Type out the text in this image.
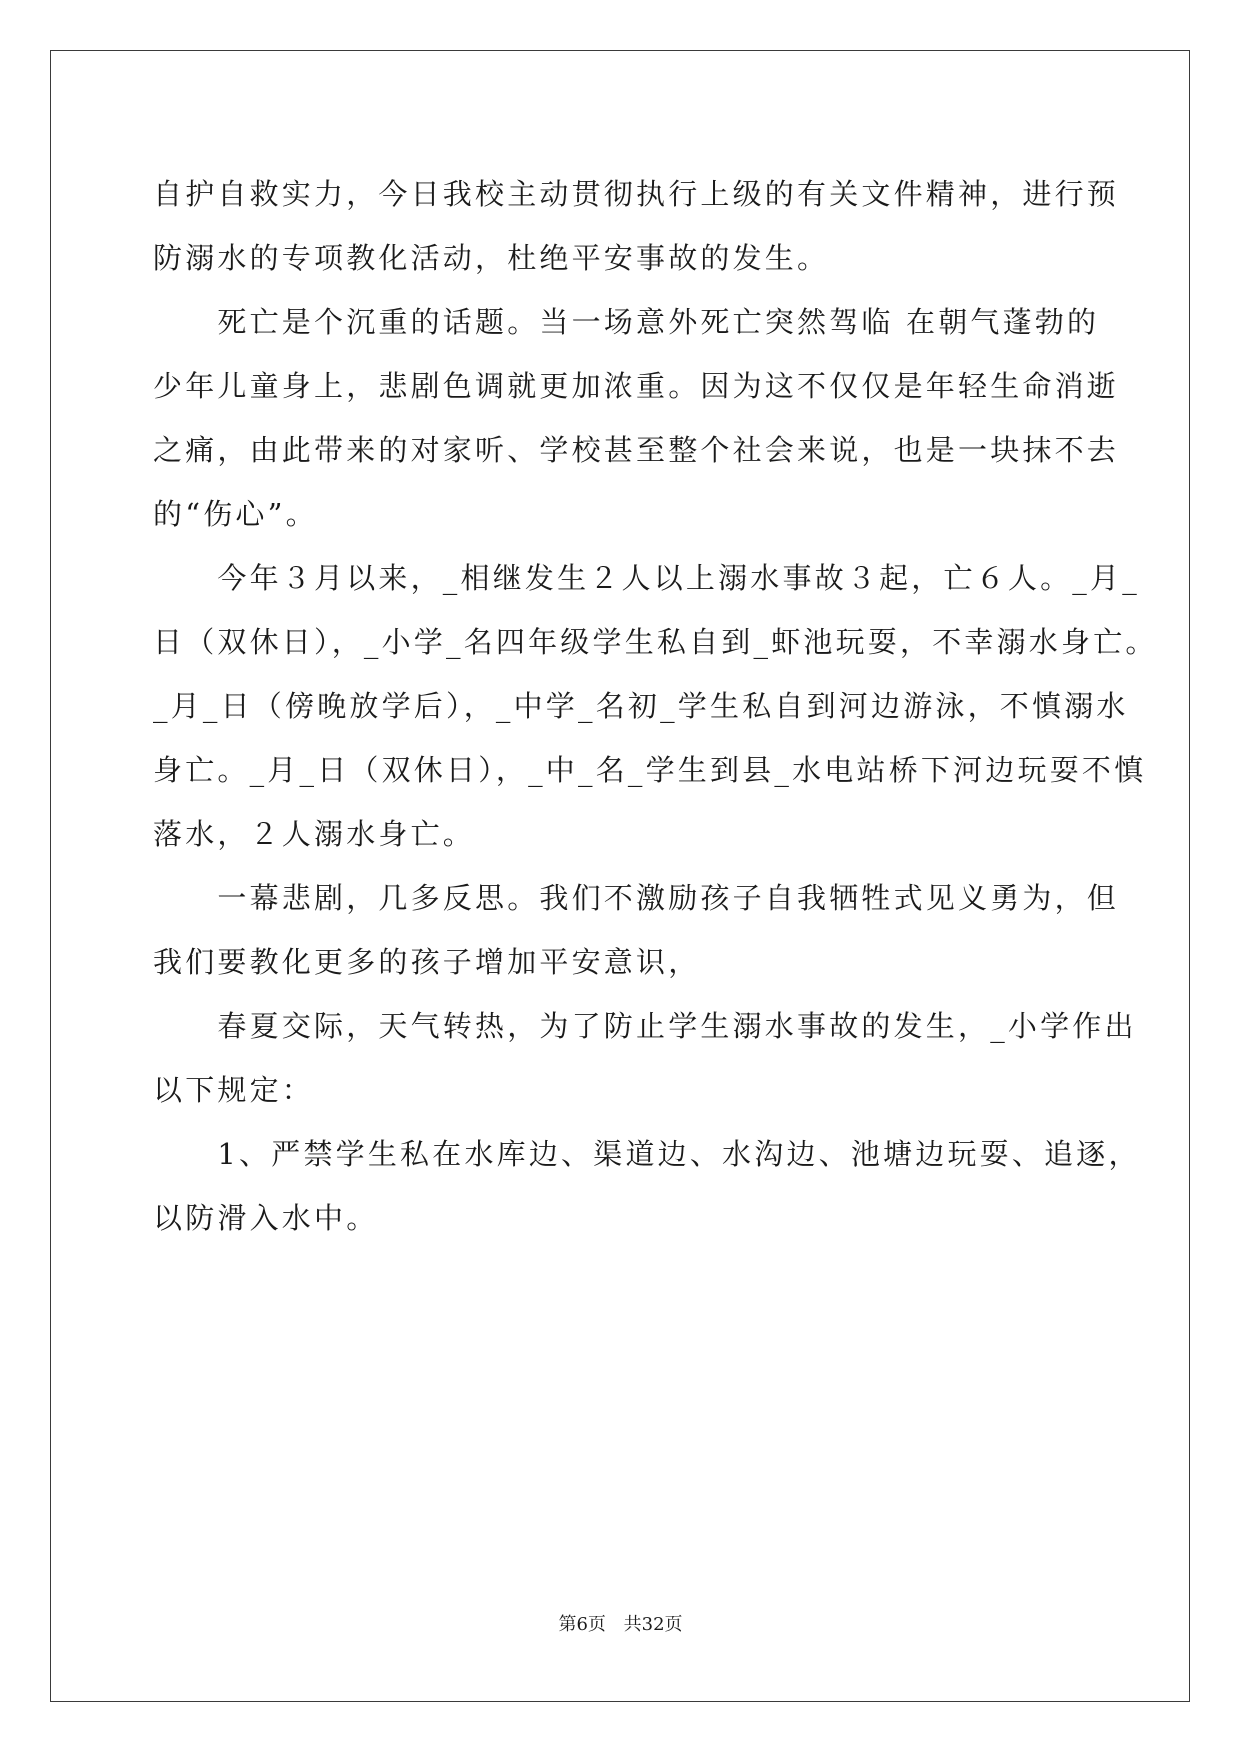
自护自救实力，今日我校主动贯彻执行上级的有关文件精神，进行预
防溺水的专项教化活动，杜绝平安事故的发生。
　　死亡是个沉重的话题。当一场意外死亡突然驾临 在朝气蓬勃的
少年儿童身上，悲剧色调就更加浓重。因为这不仅仅是年轻生命消逝
之痛，由此带来的对家听、学校甚至整个社会来说，也是一块抹不去
的“伤心”。
　　今年３月以来，_相继发生２人以上溺水事故３起，亡６人。_月_
日（双休日），_小学_名四年级学生私自到_虾池玩耍，不幸溺水身亡。
_月_日（傍晚放学后），_中学_名初_学生私自到河边游泳，不慎溺水
身亡。_月_日（双休日），_中_名_学生到县_水电站桥下河边玩耍不慎
落水，２人溺水身亡。
　　一幕悲剧，几多反思。我们不激励孩子自我牺牲式见义勇为，但
我们要教化更多的孩子增加平安意识，
　　春夏交际，天气转热，为了防止学生溺水事故的发生，_小学作出
以下规定：
　　1、严禁学生私在水库边、渠道边、水沟边、池塘边玩耍、追逐，
以防滑入水中。
第6页 共32页
